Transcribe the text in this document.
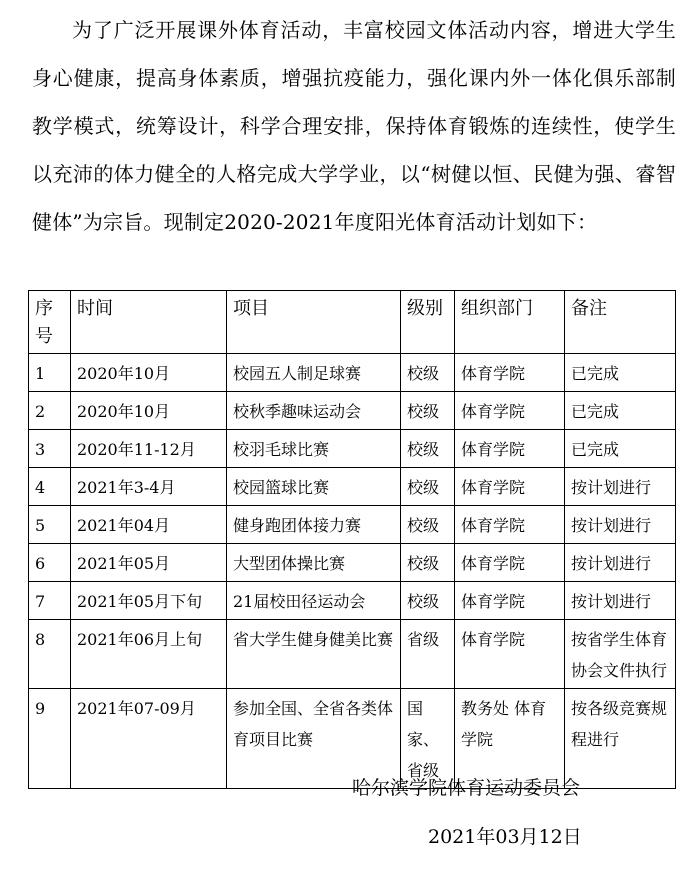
为了广泛开展课外体育活动，丰富校园文体活动内容，增进大学生身心健康，提高身体素质，增强抗疫能力，强化课内外一体化俱乐部制教学模式，统筹设计，科学合理安排，保持体育锻炼的连续性，使学生以充沛的体力健全的人格完成大学学业，以“树健以恒、民健为强、睿智健体”为宗旨。现制定2020-2021年度阳光体育活动计划如下：

序号	时间	项目	级别	组织部门	备注
1	2020年10月	校园五人制足球赛	校级	体育学院	已完成
2	2020年10月	校秋季趣味运动会	校级	体育学院	已完成
3	2020年11-12月	校羽毛球比赛	校级	体育学院	已完成
4	2021年3-4月	校园篮球比赛	校级	体育学院	按计划进行
5	2021年04月	健身跑团体接力赛	校级	体育学院	按计划进行
6	2021年05月	大型团体操比赛	校级	体育学院	按计划进行
7	2021年05月下旬	21届校田径运动会	校级	体育学院	按计划进行
8	2021年06月上旬	省大学生健身健美比赛	省级	体育学院	按省学生体育协会文件执行
9	2021年07-09月	参加全国、全省各类体育项目比赛	国家、省级	教务处 体育学院	按各级竞赛规程进行

哈尔滨学院体育运动委员会

2021年03月12日
